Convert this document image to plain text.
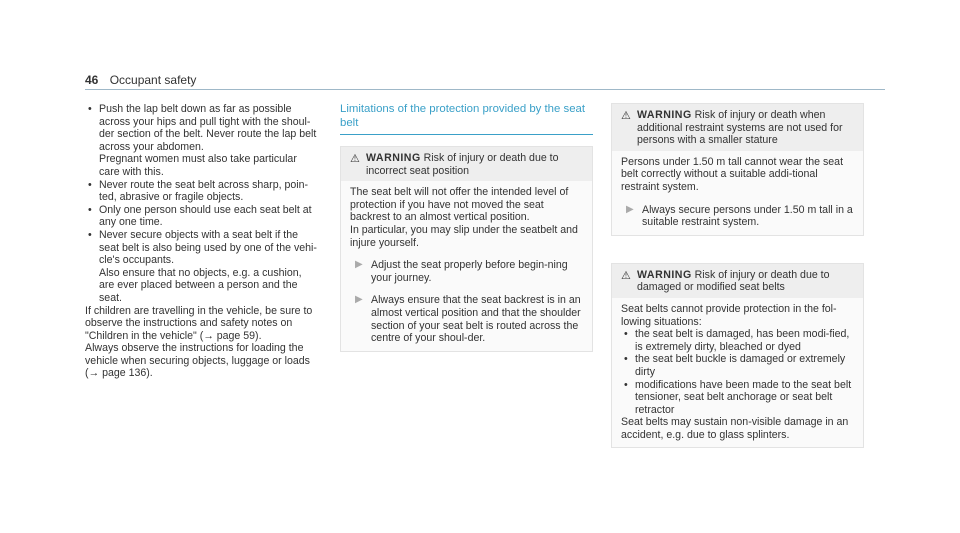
46 Occupant safety

• Push the lap belt down as far as possible across your hips and pull tight with the shoul-der section of the belt. Never route the lap belt across your abdomen.

Pregnant women must also take particular care with this.

• Never route the seat belt across sharp, poin-ted, abrasive or fragile objects.

• Only one person should use each seat belt at any one time.

• Never secure objects with a seat belt if the seat belt is also being used by one of the vehi-cle's occupants.

Also ensure that no objects, e.g. a cushion, are ever placed between a person and the seat.

If children are travelling in the vehicle, be sure to observe the instructions and safety notes on "Children in the vehicle" (→ page 59).

Always observe the instructions for loading the vehicle when securing objects, luggage or loads (→ page 136).

Limitations of the protection provided by the seat belt
⚠ WARNING Risk of injury or death due to incorrect seat position

The seat belt will not offer the intended level of protection if you have not moved the seat backrest to an almost vertical position.

In particular, you may slip under the seatbelt and injure yourself.

▶ Adjust the seat properly before begin-ning your journey.
▶ Always ensure that the seat backrest is in an almost vertical position and that the shoulder section of your seat belt is routed across the centre of your shoul-der.
⚠ WARNING Risk of injury or death when additional restraint systems are not used for persons with a smaller stature

Persons under 1.50 m tall cannot wear the seat belt correctly without a suitable addi-tional restraint system.

▶ Always secure persons under 1.50 m tall in a suitable restraint system.
⚠ WARNING Risk of injury or death due to damaged or modified seat belts

Seat belts cannot provide protection in the fol-lowing situations:

• the seat belt is damaged, has been modi-fied, is extremely dirty, bleached or dyed
• the seat belt buckle is damaged or extremely dirty
• modifications have been made to the seat belt tensioner, seat belt anchorage or seat belt retractor

Seat belts may sustain non-visible damage in an accident, e.g. due to glass splinters.
